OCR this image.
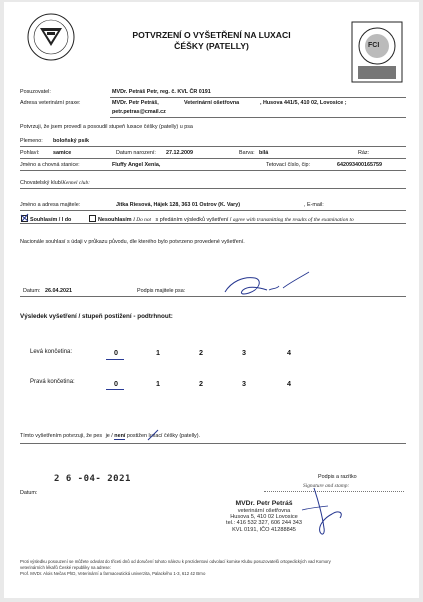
POTVRZENÍ O VYŠETŘENÍ NA LUXACI
ČÉŠKY (PATELLY)	FCI
Posuzovatel:	MVDr. Petráš Petr, reg. č. KVL ČR 0191
Adresa veterinární praxe:	MVDr. Petr Petráš,	Veterinární ošetřovna	, Husova 441/5, 410 02, Lovosice ;
petr.petras@cmail.cz
Potvrzuji, že jsem provedl a posoudil stupeň luxace čéšky (patelly) u psa
Plemeno: boloňský psík
Pohlaví:	samice	Datum narození: 27.12.2009	Barva: bílá	Ráz:
Jméno a chovná stanice:	Fluffy Angel Xenia,	Tetovací číslo, čip:	642093400165759
Chovatelský klub/Kennel club:
Jméno a adresa majitele:	Jitka Riesová, Hájek 128, 363 01 Ostrov (K. Vary)	, E-mail:
Souhlasím / I do	Nesouhlasím I Do not s předáním výsledků vyšetření / agree with transmitting the results of the examination to
Nacionále souhlasí s údaji v průkazu původu, dle kterého bylo potvrzeno provedené vyšetření.
Datum: 26.04.2021	Podpis majitele psa:
Výsledek vyšetření / stupeň postižení - podtrhnout:
Levá končetina:	0	1	2	3	4
Pravá končetina:	0	1	2	3	4
Tímto vyšetřením potvrzuji, že pes je / není postižen luxací čéšky (patelly).
2 6 -04- 2021
Datum:
Podpis a razítko
Signature and stamp:
MVDr. Petr Petráš
veterinární ošetřovna
Husova 5, 410 02 Lovosice
tel.: 416 532 327, 606 244 343
KVL 0191, IČO 41288845
Proti výsledku posouzení se můžete odvolat do třiceti dnů od doručení tohoto nálezu k prezidentovi odvolací komise Klubu posuzovatelů ortopedických vad Komory
veterinárních lékařů České republiky na adrese:
Prof. MVDr. Alois Nečas PhD, Veterinární a farmaceutická univerzita, Palackého 1-3, 612 42 Brno
